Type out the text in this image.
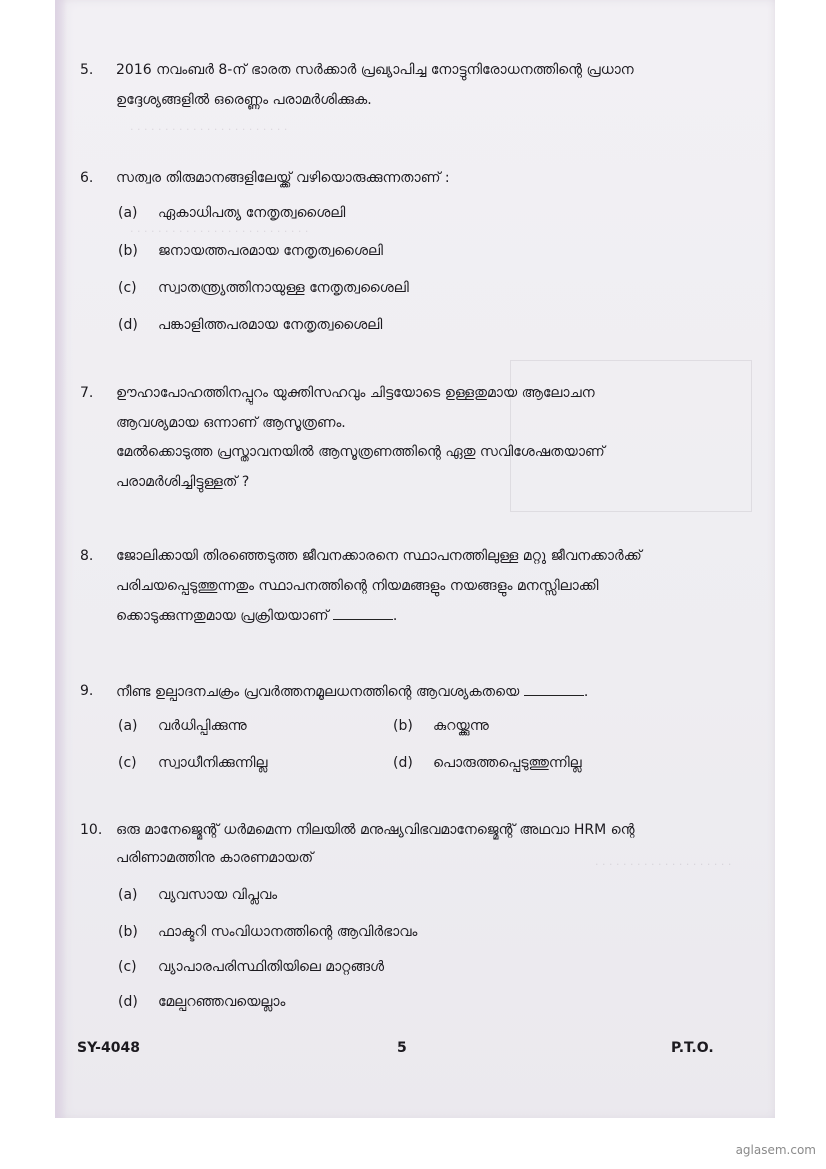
. . . . . . . . . . . . . . . . . . . . . . .
. . . . . . . . . . . . . . . . . . . . . . . . . .
. . . . . . . . . . . . . . . . . . . .
5.	2016 നവംബർ 8-ന് ഭാരത സർക്കാർ പ്രഖ്യാപിച്ച നോട്ടുനിരോധനത്തിന്റെ പ്രധാന

ഉദ്ദേശ്യങ്ങളിൽ ഒരെണ്ണം പരാമർശിക്കുക.

6.	സത്വര തിരുമാനങ്ങളിലേയ്ക്ക് വഴിയൊരുക്കുന്നതാണ് :

(a) ഏകാധിപത്യ നേതൃത്വശൈലി
(b) ജനായത്തപരമായ നേതൃത്വശൈലി
(c) സ്വാതന്ത്ര്യത്തിനായുള്ള നേതൃത്വശൈലി
(d) പങ്കാളിത്തപരമായ നേതൃത്വശൈലി
7.	ഊഹാപോഹത്തിനപ്പുറം യുക്തിസഹവും ചിട്ടയോടെ ഉള്ളതുമായ ആലോചന

ആവശ്യമായ ഒന്നാണ് ആസൂത്രണം.

മേൽക്കൊടുത്ത പ്രസ്താവനയിൽ ആസൂത്രണത്തിന്റെ ഏതു സവിശേഷതയാണ്

പരാമർശിച്ചിട്ടുള്ളത് ?

8.	ജോലിക്കായി തിരഞ്ഞെടുത്ത ജീവനക്കാരനെ സ്ഥാപനത്തിലുള്ള മറ്റു ജീവനക്കാർക്ക്

പരിചയപ്പെടുത്തുന്നതും സ്ഥാപനത്തിന്റെ നിയമങ്ങളും നയങ്ങളും മനസ്സിലാക്കി

ക്കൊടുക്കുന്നതുമായ പ്രക്രിയയാണ്	.

9.	നീണ്ട ഉല്പാദനചക്രം പ്രവർത്തനമൂലധനത്തിന്റെ ആവശ്യകതയെ	.

(a) വർധിപ്പിക്കുന്നു	(b) കുറയ്ക്കുന്നു
(c) സ്വാധീനിക്കുന്നില്ല	(d) പൊരുത്തപ്പെടുത്തുന്നില്ല
10. ഒരു മാനേജ്മെന്റ് ധർമമെന്ന നിലയിൽ മനുഷ്യവിഭവമാനേജ്മെന്റ് അഥവാ HRM ന്റെ

പരിണാമത്തിനു കാരണമായത്

(a) വ്യവസായ വിപ്ലവം
(b) ഫാക്ടറി സംവിധാനത്തിന്റെ ആവിർഭാവം
(c) വ്യാപാരപരിസ്ഥിതിയിലെ മാറ്റങ്ങൾ
(d) മേല്പറഞ്ഞവയെല്ലാം
SY-4048	5	P.T.O.
aglasem.com
